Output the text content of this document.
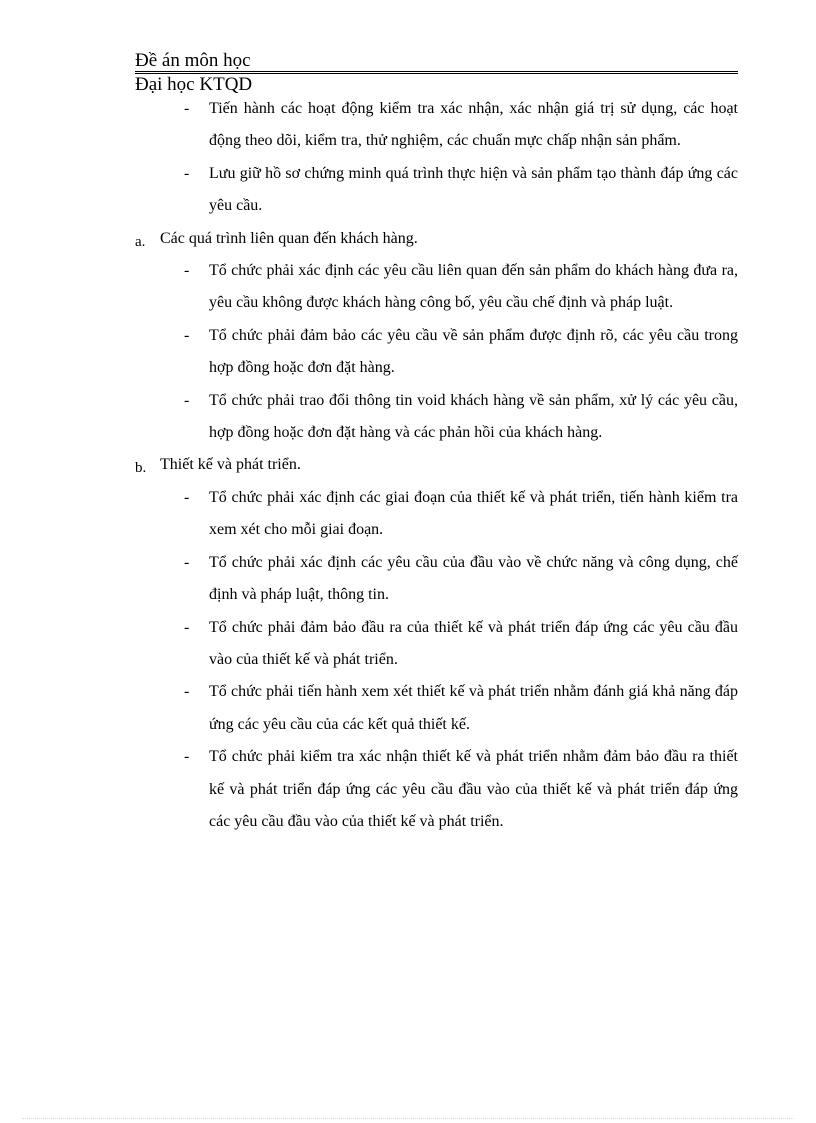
Đề án môn học
Đại học KTQD
- Tiến hành các hoạt động kiểm tra xác nhận, xác nhận giá trị sử dụng, các hoạt động theo dõi, kiểm tra, thử nghiệm, các chuẩn mực chấp nhận sản phẩm.
- Lưu giữ hồ sơ chứng minh quá trình thực hiện và sản phẩm tạo thành đáp ứng các yêu cầu.
a. Các quá trình liên quan đến khách hàng.
- Tổ chức phải xác định các yêu cầu liên quan đến sản phẩm do khách hàng đưa ra, yêu cầu không được khách hàng công bố, yêu cầu chế định và pháp luật.
- Tổ chức phải đảm bảo các yêu cầu về sản phẩm được định rõ, các yêu cầu trong hợp đồng hoặc đơn đặt hàng.
- Tổ chức phải trao đổi thông tin void khách hàng về sản phẩm, xử lý các yêu cầu, hợp đồng hoặc đơn đặt hàng và các phản hồi của khách hàng.
b. Thiết kế và phát triển.
- Tổ chức phải xác định các giai đoạn của thiết kế và phát triển, tiến hành kiểm tra xem xét cho mỗi giai đoạn.
- Tổ chức phải xác định các yêu cầu của đầu vào về chức năng và công dụng, chế định và pháp luật, thông tin.
- Tổ chức phải đảm bảo đầu ra của thiết kế và phát triển đáp ứng các yêu cầu đầu vào của thiết kế và phát triển.
- Tổ chức phải tiến hành xem xét thiết kế và phát triển nhằm đánh giá khả năng đáp ứng các yêu cầu của các kết quả thiết kế.
- Tổ chức phải kiểm tra xác nhận thiết kế và phát triển nhằm đảm bảo đầu ra thiết kế và phát triển đáp ứng các yêu cầu đầu vào của thiết kế và phát triển đáp ứng các yêu cầu đầu vào của thiết kế và phát triển.
